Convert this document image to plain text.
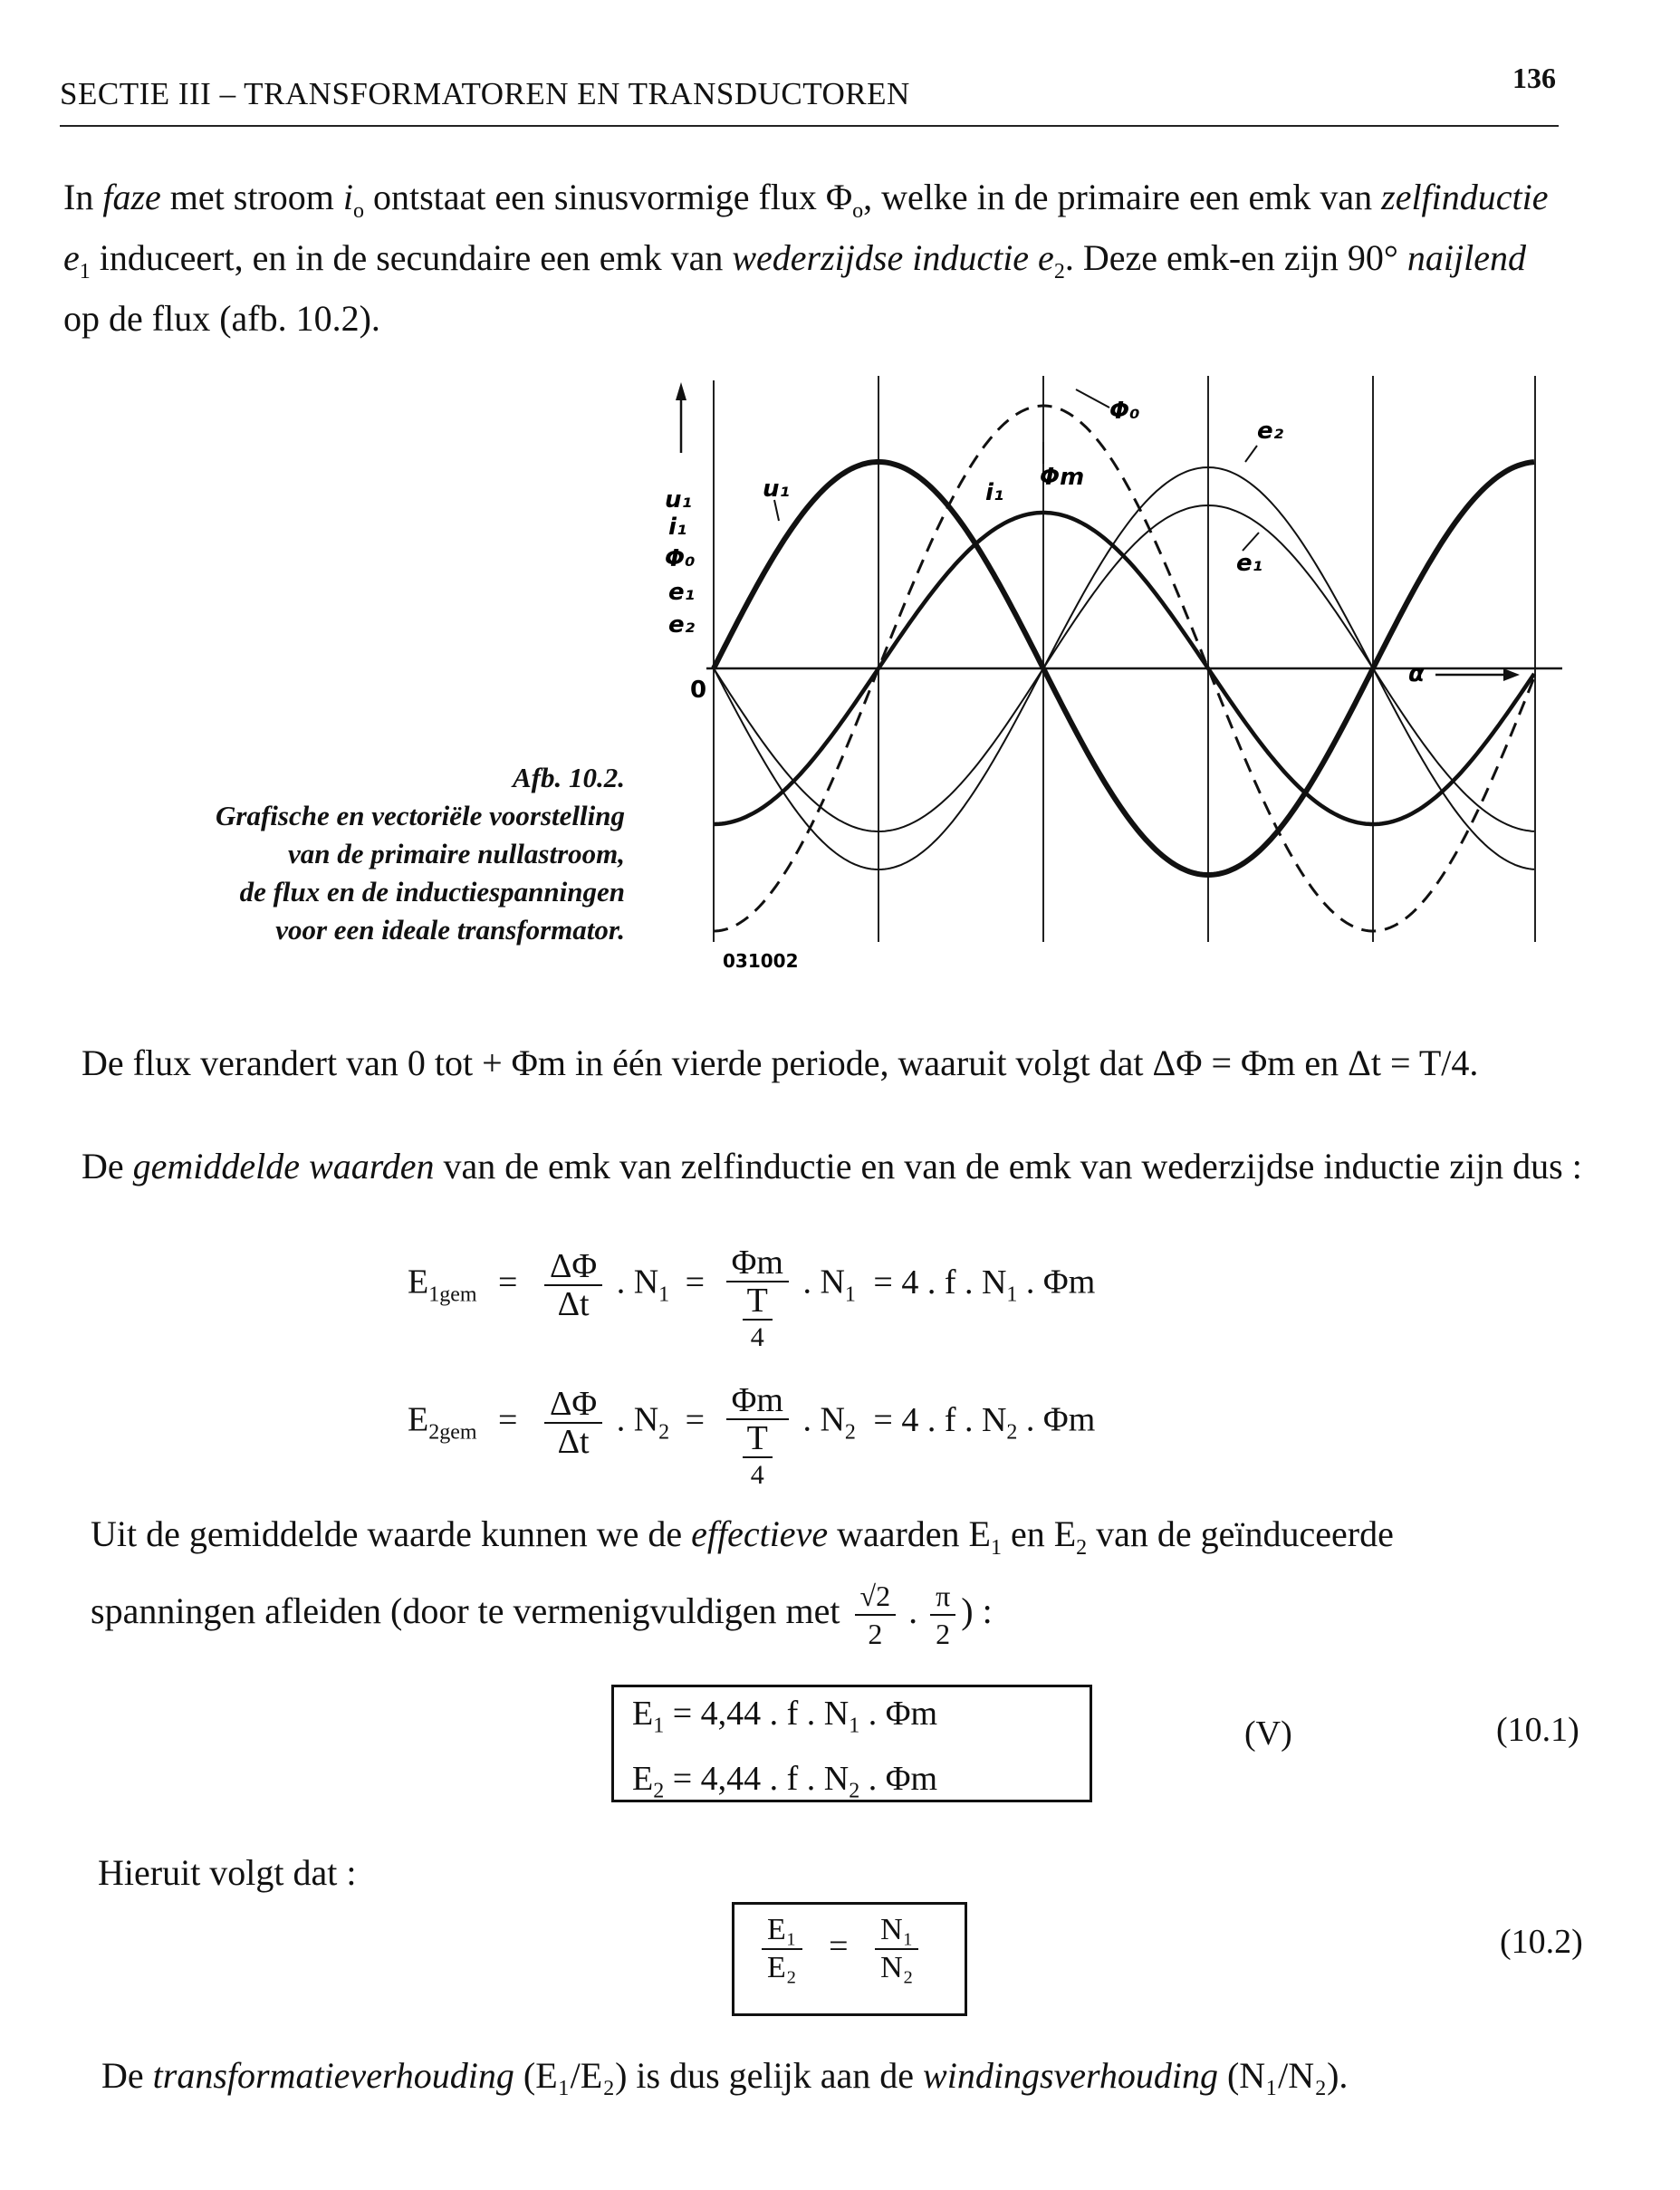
SECTIE III – TRANSFORMATOREN EN TRANSDUCTOREN	136
In faze met stroom $i_o$ ontstaat een sinusvormige flux $\Phi_o$, welke in de primaire een emk van zelfinductie $e_1$ induceert, en in de secundaire een emk van wederzijdse inductie $e_2$. Deze emk-en zijn 90° naijlend op de flux (afb. 10.2).
Afb. 10.2.
Grafische en vectoriële voorstelling
van de primaire nullastroom,
de flux en de inductiespanningen
voor een ideale transformator.
u₁
i₁
Φ₀
e₁
e₂
0
α
031002
u₁	i₁
Φ₀
Φm
e₁
e₂
De flux verandert van 0 tot + Φm in één vierde periode, waaruit volgt dat ΔΦ = Φm en Δt = T/4.
De gemiddelde waarden van de emk van zelfinductie en van de emk van wederzijdse inductie zijn dus :
$E_{1gem} = \frac{\Delta\Phi}{\Delta t}$ . $N_1$ =
Φm
T
4
. $N_1 = 4$ . f . $N_1$ . Φm
$E_{2gem} = \frac{\Delta\Phi}{\Delta t}$ . $N_2$ =
Φm
T
4
. $N_2 = 4$ . f . $N_2$ . Φm
Uit de gemiddelde waarde kunnen we de effectieve waarden $E_1$ en $E_2$ van de geïnduceerde
spanningen afleiden (door te vermenigvuldigen met $\frac{√2}{2}$ . $\frac{\pi}{2}$ ) :
$E_1 = 4,44$ . f . $N_1$ . Φm
$E_2 = 4,44$ . f . $N_2$ . Φm
(V)	(10.1)
Hieruit volgt dat :
$\frac{\text{E₁}}{\text{E₂}} = \frac{\text{N₁}}{\text{N₂}}$	(10.2)
De transformatieverhouding (E₁/E₂) is dus gelijk aan de windingsverhouding (N₁/N₂).
